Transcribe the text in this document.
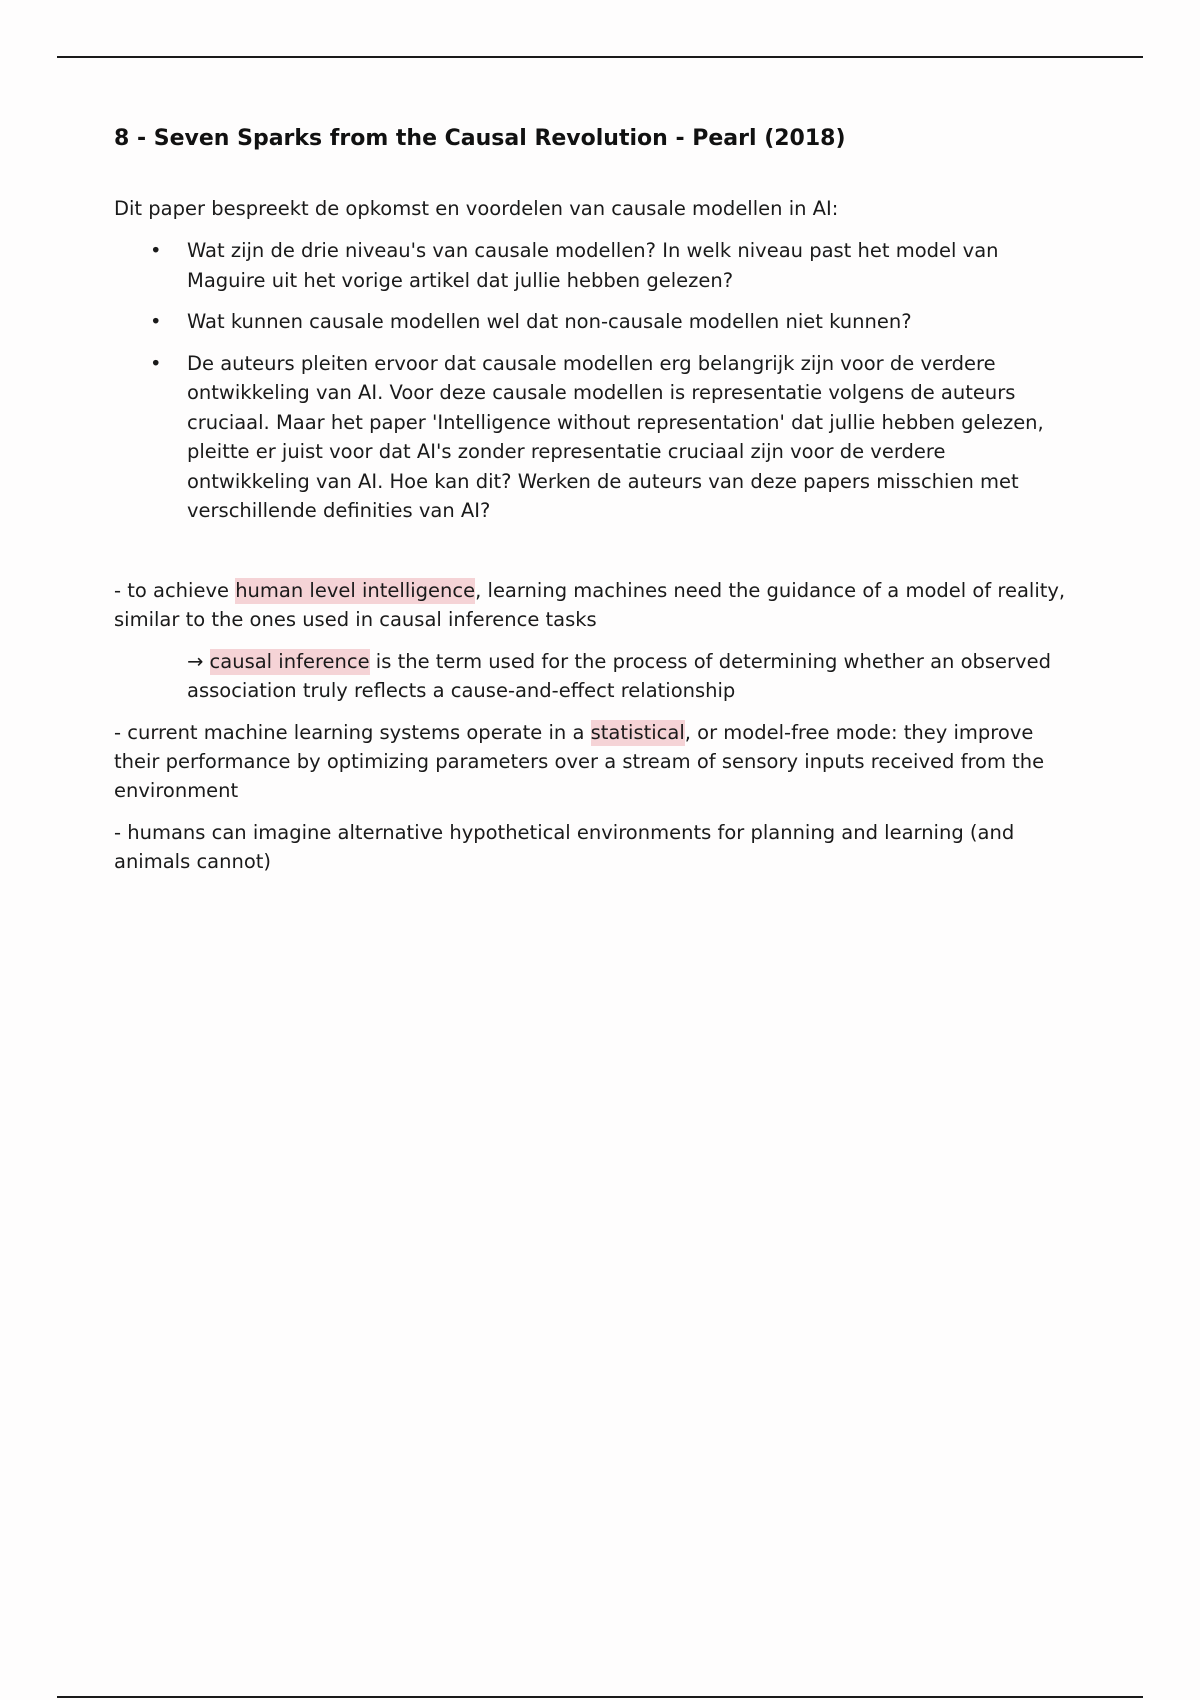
8 - Seven Sparks from the Causal Revolution - Pearl (2018)

Dit paper bespreekt de opkomst en voordelen van causale modellen in AI:

• Wat zijn de drie niveau's van causale modellen? In welk niveau past het model van Maguire uit het vorige artikel dat jullie hebben gelezen?
• Wat kunnen causale modellen wel dat non-causale modellen niet kunnen?
• De auteurs pleiten ervoor dat causale modellen erg belangrijk zijn voor de verdere ontwikkeling van AI. Voor deze causale modellen is representatie volgens de auteurs cruciaal. Maar het paper 'Intelligence without representation' dat jullie hebben gelezen, pleitte er juist voor dat AI's zonder representatie cruciaal zijn voor de verdere ontwikkeling van AI. Hoe kan dit? Werken de auteurs van deze papers misschien met verschillende definities van AI?

- to achieve human level intelligence, learning machines need the guidance of a model of reality, similar to the ones used in causal inference tasks

→ causal inference is the term used for the process of determining whether an observed association truly reflects a cause-and-effect relationship

- current machine learning systems operate in a statistical, or model-free mode: they improve their performance by optimizing parameters over a stream of sensory inputs received from the environment

- humans can imagine alternative hypothetical environments for planning and learning (and animals cannot)
